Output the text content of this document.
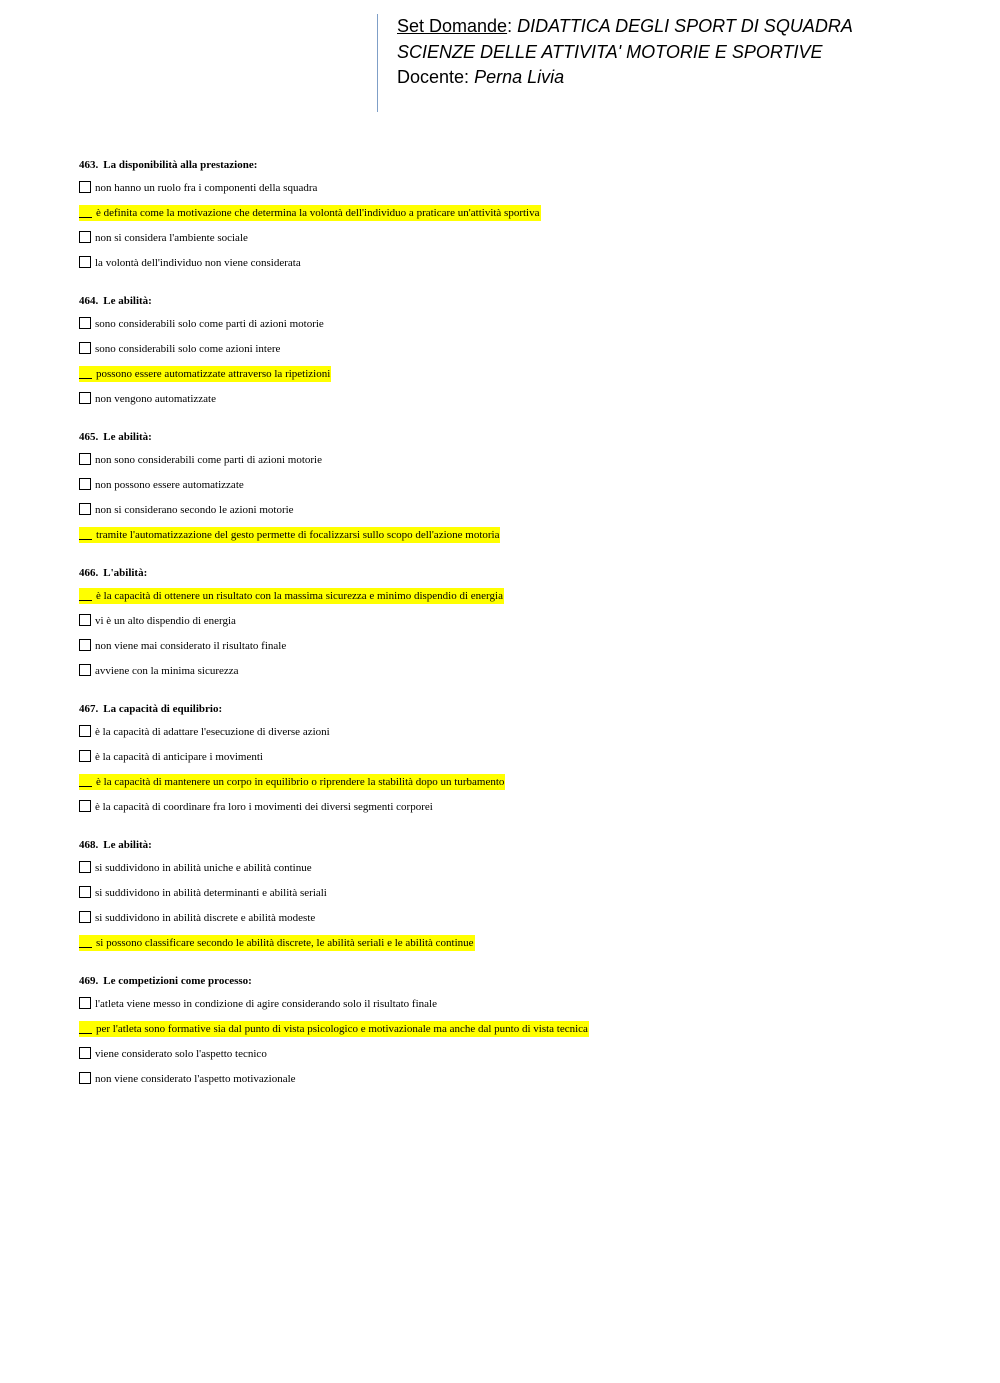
Set Domande: DIDATTICA DEGLI SPORT DI SQUADRA
SCIENZE DELLE ATTIVITA' MOTORIE E SPORTIVE
Docente: Perna Livia
463. La disponibilità alla prestazione:
non hanno un ruolo fra i componenti della squadra
è definita come la motivazione che determina la volontà dell'individuo a praticare un'attività sportiva
non si considera l'ambiente sociale
la volontà dell'individuo non viene considerata
464. Le abilità:
sono considerabili solo come parti di azioni motorie
sono considerabili solo come azioni intere
possono essere automatizzate attraverso la ripetizioni
non vengono automatizzate
465. Le abilità:
non sono considerabili come parti di azioni motorie
non possono essere automatizzate
non si considerano secondo le azioni motorie
tramite l'automatizzazione del gesto permette di focalizzarsi sullo scopo dell'azione motoria
466. L'abilità:
è la capacità di ottenere un risultato con la massima sicurezza e minimo dispendio di energia
vi è un alto dispendio di energia
non viene mai considerato il risultato finale
avviene con la minima sicurezza
467. La capacità di equilibrio:
è la capacità di adattare l'esecuzione di diverse azioni
è la capacità di anticipare i movimenti
è la capacità di mantenere un corpo in equilibrio o riprendere la stabilità dopo un turbamento
è la capacità di coordinare fra loro i movimenti dei diversi segmenti corporei
468. Le abilità:
si suddividono in abilità uniche e abilità continue
si suddividono in abilità determinanti e abilità seriali
si suddividono in abilità discrete e abilità modeste
si possono classificare secondo le abilità discrete, le abilità seriali e le abilità continue
469. Le competizioni come processo:
l'atleta viene messo in condizione di agire considerando solo il risultato finale
per l'atleta sono formative sia dal punto di vista psicologico e motivazionale ma anche dal punto di vista tecnica
viene considerato solo l'aspetto tecnico
non viene considerato l'aspetto motivazionale
